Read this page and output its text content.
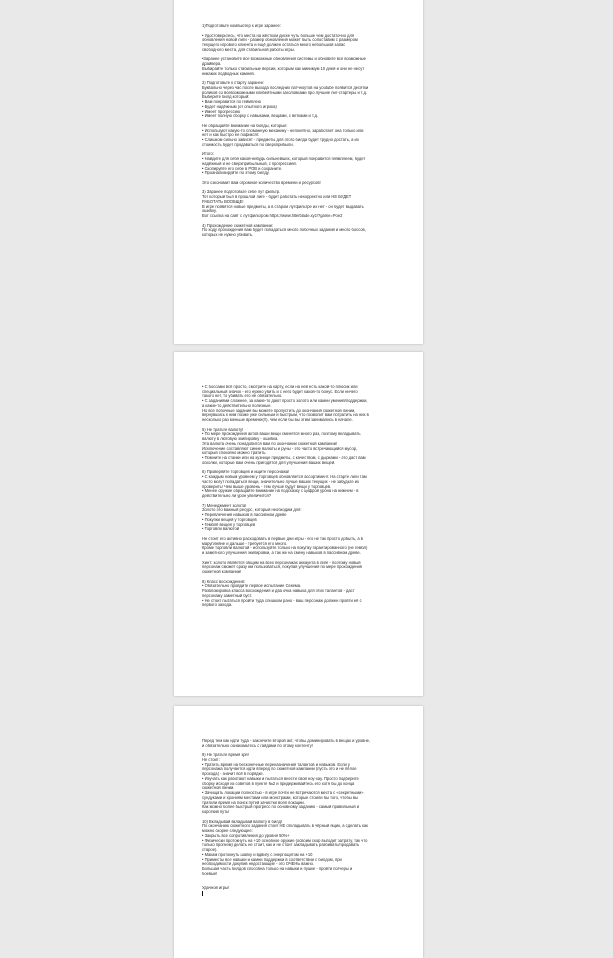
1)Подготовьте компьютер к игре заранее:
• Удостоверьтесь, что места на жёстком диске чуть больше чем достаточно для
обновления новой лиги - размер обновления может быть сопоставим с размером
текущего игрового клиента и ещё должен остаться много небольшой запас
свободного места, для стабильной работы игры.
•Заранее установите все возможные обновления системы и обновите все возможные
драйвера.
Выбирайте только стабильные версии, которым как минимум 10 дней и они не несут
никаких подводных камней.
2) Подготовьте к старту заранее:
Буквально через час после выхода последних патчноутов на youtube появится десятки
роликов со всевозможными клибейтными заголовками про лучшие лиг-стартеры и т.д.
Выберите билд который:
• Вам понравится по геймплею
• Будет надёжным (от опытного игрока)
• Имеет прогрессию
• Имеет полную сборку с навыками, вещами, с ветками и т.д.
Не обращайте внимание на билды, которые:
• Используют какую-то сломанную механику - непонятно, заработает она только или
нет и как быстро ее пофиксят.
• Слишком сильно зависят - предметы для этого билда будет трудно достать, а их
стоимость будет продаваться по сверхприбыли.
Итого:
• Найдите для себя какой-нибудь сильнейших, который понравится геймплеем, будет
надёжный и не сверхприбыльный, с прогрессией.
• Скопируйте его себе в POB и сохраните.
• Проанализируйте по этому билду.
Это сэкономит вам огромное количество времени и ресурсов!
3) Заранее подготовьте себе лут фильтр.
Тот который был в прошлой лиге - будет работать некорректно или НЕ БУДЕТ
РАБОТАТЬ ВООБЩЕ!
В игре появятся новые предметы, а в старом лутфильтре их нет - он будет выдавать
ошибку.
Вот ссылка на сайт с лутфильтром https://www.filterblade.xyz/?game=Poe2
4) Прохождение сюжетной кампании:
По ходу прохождения вам будет попадаться много побочных заданий и много боссов,
которых не нужно убивать.
• С боссами всё просто, смотрите на карту, если на ней есть какой-то плюсик или
специальный значок - его нужно убить и с него будет какой-то бонус. Если ничего
такого нет, то убивать его не обязательно.
• С заданиями сложнее, за какие-то дают просто золото или камни умений/поддержки,
а какие-то действительно полезные.
Но все побочные задания вы можете пропустить до окончания сюжетной линии,
вернувшись к ним позже уже сильным и быстрым, что позволит вам потратить на них в
несколько раз меньше времени(!!), чем если бы вы этим занимались в начале.
5) Не тратьте валюту!
• По мере прохождения актов ваши вещи сменятся много раз, поэтому вкладывать
валюту в лютовую экипировку - ошибка.
Эта валюта очень понадобится вам по окончании сюжетной кампании!
Исключение составляют синие валюты и руны - это часто встречающийся мусор,
который спокойно можно тратить.
• Помните на станки или на кузнице предметы, с качеством, с дырками - это даст вам
осколки, которые вам очень пригодятся для улучшения ваших вещей.
6) Проверяйте торговцев и ищите персонажа!
• С каждым новым уровнем у торговцев обновляется ассортимент. На старте лиги там
часто могут попадаться вещи, значительно лучше ваших текущих - не забудьте их
проверить! Чем выше уровень - тем лучше будут вещи у торговцев.
• Менее оружие обращайте внимание на подсказку с цифрой урона на нижнем - в
действительно ли урон увеличится?
7) Менеджмент золота!
Золото это важный ресурс, который необходим для:
• Перевлечения навыков в пассивном древе
• Покупки вещей у торговцев
• Гемблё вещей у торговцев
• Торговли валютой
Не стоит его активно расходовать в первые дни игры - его не так просто добыть, а в
маруплейне и дальше - требуется его много.
Кроме торговли валютой - используйте только на покупку гарантированного (не гембл)
и заметного улучшения экипировки, а так же на смену навыков в пассивном древе.
Хинт: золото является общим на всех персонажах аккаунта в лиге - поэтому новый
персонаж сможет сразу им пользоваться, покупая улучшения по мере прохождения
сюжетной компании!
8) Класс восхождения:
• Обязательно пройдите первое испытание Секема.
Разблокировка класса восхождения и два очка навыка для этих талантов - даст
персонажу заметный буст.
• Не стоит пытаться пройти туда слишком рано - ваш персонаж должен пройти её с
первого захода.
Перед тем как идти туда - закончите второй акт, чтобы доминировать в вещах и уровне,
и обязательно ознакомьтесь с гайдами по этому контенту!
9) Не тратьте время зря!
Не стоит:
• Тратить время на бесконечные переназначения талантов и навыков. Если у
персонажа получается идти вперед по сюжетной кампании (пусть это и не пёлое
прохода) - значит всё в порядке.
• Изучать как работают навыки и пытаться внести свой ноу-хау. Просто подберите
сборку исходя из советов в пункте №2 и придерживайтесь его хотя бы до конца
сюжетной линии.
• Зачищать локации полностью - в игре почти не встречаются места с «секретными»
сундуками и хрониям местами или монстрами, которые стоили бы того, чтобы вы
тратили время на поиск путей зачистки всей локации.
Как можно более быстрый прогресс по основному заданию - самый правильный и
короткий путь!
10) Вкладывай вкладывай валюту в билд!
По окончанию сюжетного задания стоит НЕ откладывать в чёрный ящик, а сделать как
можно скорее следующее:
• Закрыть все сопротивления до уровня 50%+
• Физически протокнуть на +10 основное оружие (освоим скор выгодит затрату, так что
только прогнем) делать не стоит, как и не стоит закладывать разбивать/продавать
старое).
• Макам протокнуть шапку и вдвигу с энергощитом на +10
• Приместы все навыки и камни поддержки в соответствии с билдом, при
необходимости докупив недостающие - это ОЧЕНЬ важно.
Большая часть билдов способна только на навыки и пушке - пройти погчеры и
боевые!
Удачной игры!
